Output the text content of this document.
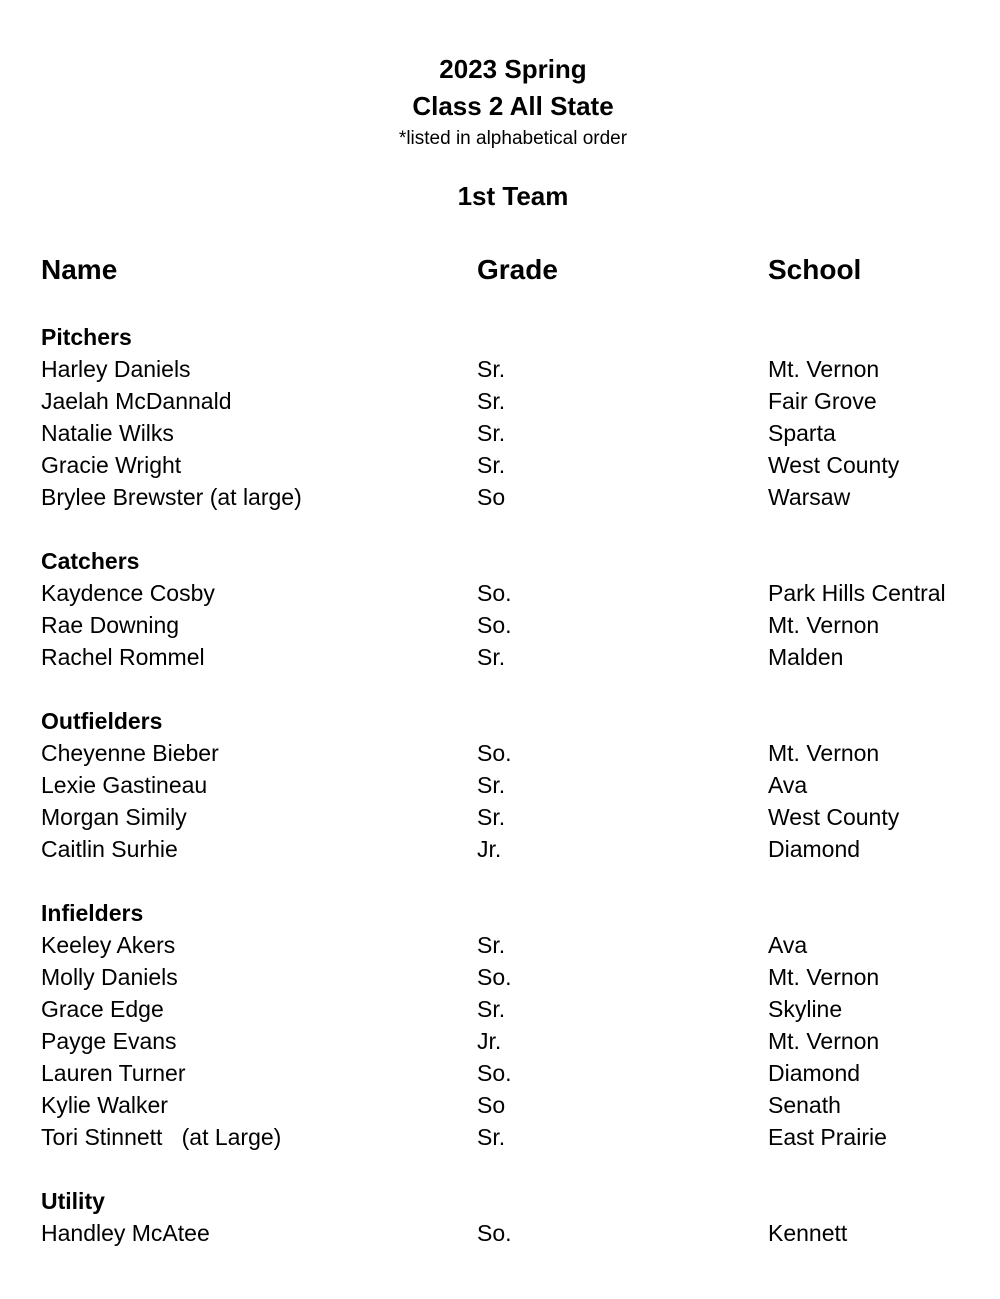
2023 Spring
Class 2 All State
*listed in alphabetical order
1st Team
Name	Grade	School
Pitchers
Harley Daniels	Sr.	Mt. Vernon
Jaelah McDannald	Sr.	Fair Grove
Natalie Wilks	Sr.	Sparta
Gracie Wright	Sr.	West County
Brylee Brewster (at large)	So	Warsaw
Catchers
Kaydence Cosby	So.	Park Hills Central
Rae Downing	So.	Mt. Vernon
Rachel Rommel	Sr.	Malden
Outfielders
Cheyenne Bieber	So.	Mt. Vernon
Lexie Gastineau	Sr.	Ava
Morgan Simily	Sr.	West County
Caitlin Surhie	Jr.	Diamond
Infielders
Keeley Akers	Sr.	Ava
Molly Daniels	So.	Mt. Vernon
Grace Edge	Sr.	Skyline
Payge Evans	Jr.	Mt. Vernon
Lauren Turner	So.	Diamond
Kylie Walker	So	Senath
Tori Stinnett   (at Large)	Sr.	East Prairie
Utility
Handley McAtee	So.	Kennett
